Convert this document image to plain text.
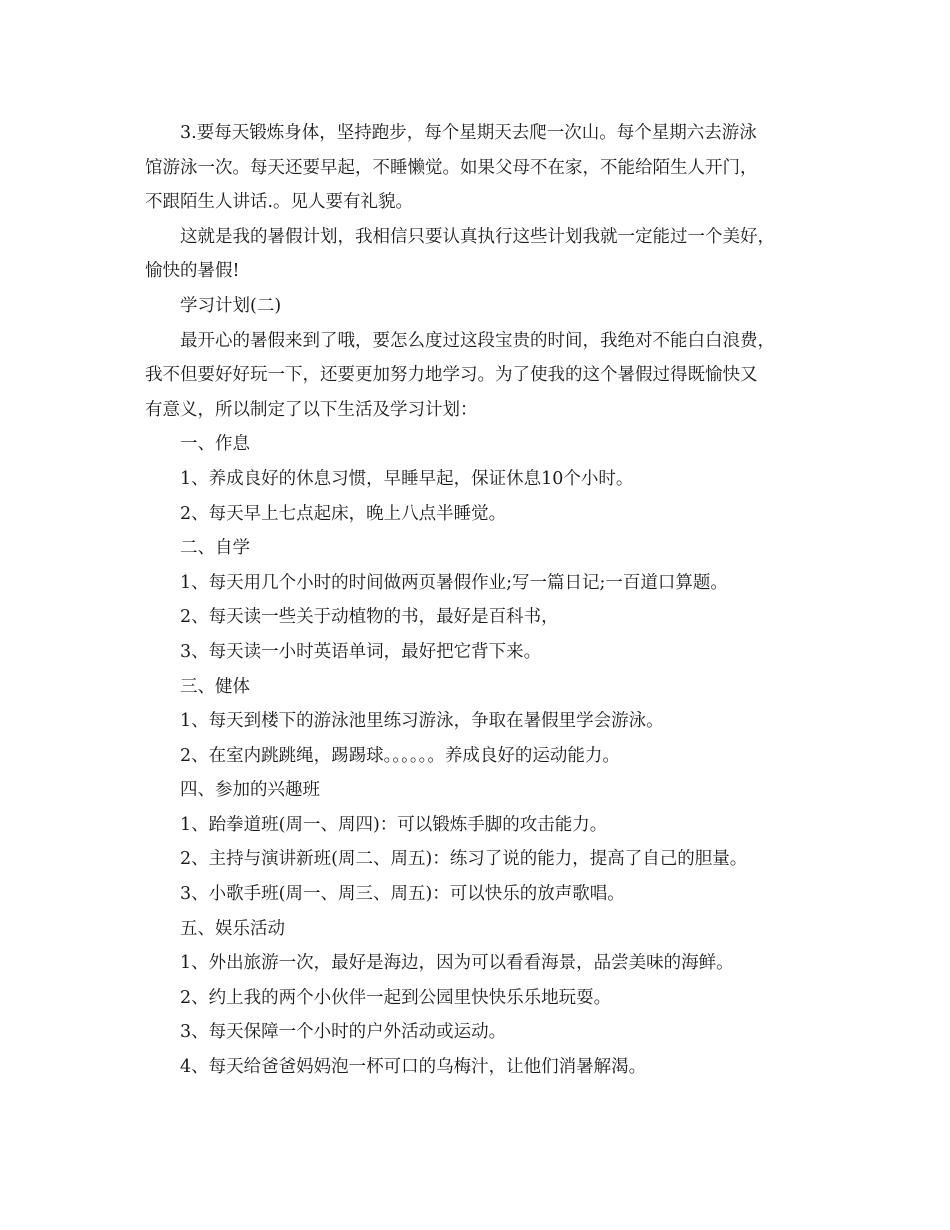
3.要每天锻炼身体，坚持跑步，每个星期天去爬一次山。每个星期六去游泳
馆游泳一次。每天还要早起，不睡懒觉。如果父母不在家，不能给陌生人开门，
不跟陌生人讲话.。见人要有礼貌。
这就是我的暑假计划，我相信只要认真执行这些计划我就一定能过一个美好，
愉快的暑假!
学习计划(二)
最开心的暑假来到了哦，要怎么度过这段宝贵的时间，我绝对不能白白浪费，
我不但要好好玩一下，还要更加努力地学习。为了使我的这个暑假过得既愉快又
有意义，所以制定了以下生活及学习计划：
一、作息
1、养成良好的休息习惯，早睡早起，保证休息10个小时。
2、每天早上七点起床，晚上八点半睡觉。
二、自学
1、每天用几个小时的时间做两页暑假作业;写一篇日记;一百道口算题。
2、每天读一些关于动植物的书，最好是百科书，
3、每天读一小时英语单词，最好把它背下来。
三、健体
1、每天到楼下的游泳池里练习游泳，争取在暑假里学会游泳。
2、在室内跳跳绳，踢踢球。。。。。。养成良好的运动能力。
四、参加的兴趣班
1、跆拳道班(周一、周四)：可以锻炼手脚的攻击能力。
2、主持与演讲新班(周二、周五)：练习了说的能力，提高了自己的胆量。
3、小歌手班(周一、周三、周五)：可以快乐的放声歌唱。
五、娱乐活动
1、外出旅游一次，最好是海边，因为可以看看海景，品尝美味的海鲜。
2、约上我的两个小伙伴一起到公园里快快乐乐地玩耍。
3、每天保障一个小时的户外活动或运动。
4、每天给爸爸妈妈泡一杯可口的乌梅汁，让他们消暑解渴。
